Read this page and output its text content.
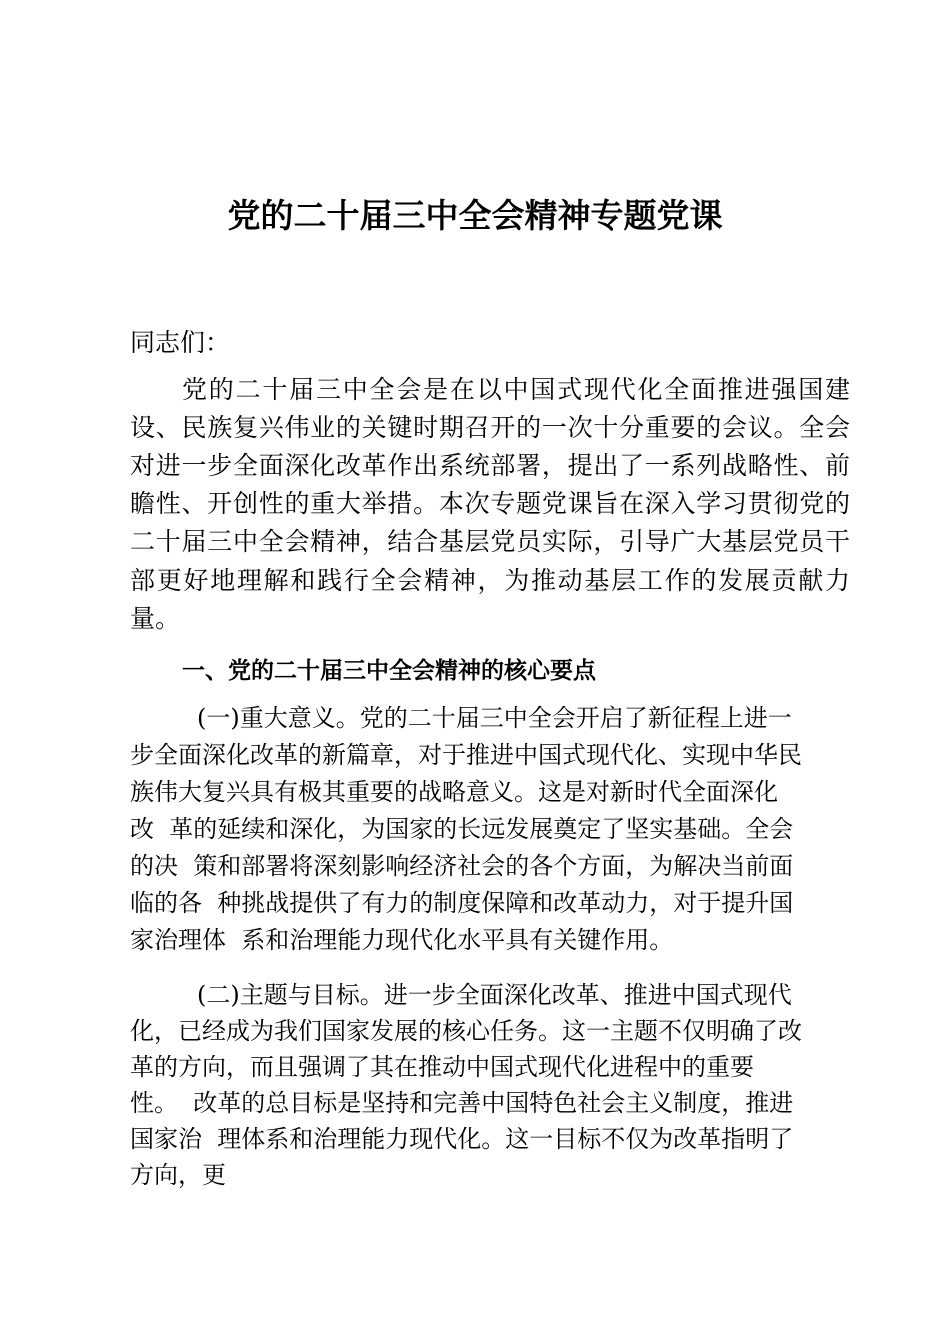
党的二十届三中全会精神专题党课
同志们：
党的二十届三中全会是在以中国式现代化全面推进强国建
设、民族复兴伟业的关键时期召开的一次十分重要的会议。全会
对进一步全面深化改革作出系统部署，提出了一系列战略性、前
瞻性、开创性的重大举措。本次专题党课旨在深入学习贯彻党的
二十届三中全会精神，结合基层党员实际，引导广大基层党员干
部更好地理解和践行全会精神，为推动基层工作的发展贡献力
量。
一、党的二十届三中全会精神的核心要点
(一)重大意义。党的二十届三中全会开启了新征程上进一
步全面深化改革的新篇章，对于推进中国式现代化、实现中华民
族伟大复兴具有极其重要的战略意义。这是对新时代全面深化
改  革的延续和深化，为国家的长远发展奠定了坚实基础。全会
的决  策和部署将深刻影响经济社会的各个方面，为解决当前面
临的各  种挑战提供了有力的制度保障和改革动力，对于提升国
家治理体  系和治理能力现代化水平具有关键作用。
(二)主题与目标。进一步全面深化改革、推进中国式现代
化，已经成为我们国家发展的核心任务。这一主题不仅明确了改
革的方向，而且强调了其在推动中国式现代化进程中的重要
性。  改革的总目标是坚持和完善中国特色社会主义制度，推进
国家治  理体系和治理能力现代化。这一目标不仅为改革指明了
方向，更
